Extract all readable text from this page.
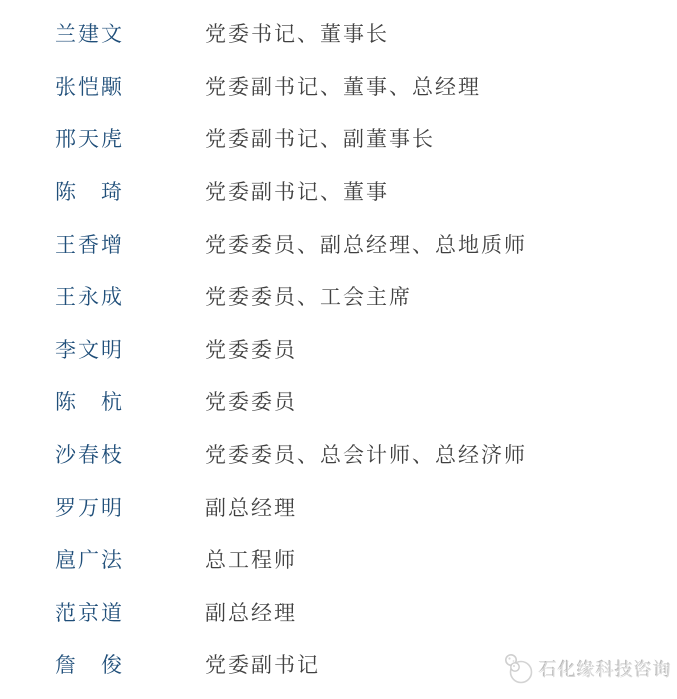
兰建文	党委书记、董事长
张恺颙	党委副书记、董事、总经理
邢天虎	党委副书记、副董事长
陈　琦	党委副书记、董事
王香增	党委委员、副总经理、总地质师
王永成	党委委员、工会主席
李文明	党委委员
陈　杭	党委委员
沙春枝	党委委员、总会计师、总经济师
罗万明	副总经理
扈广法	总工程师
范京道	副总经理
詹　俊	党委副书记	石化缘科技咨询
